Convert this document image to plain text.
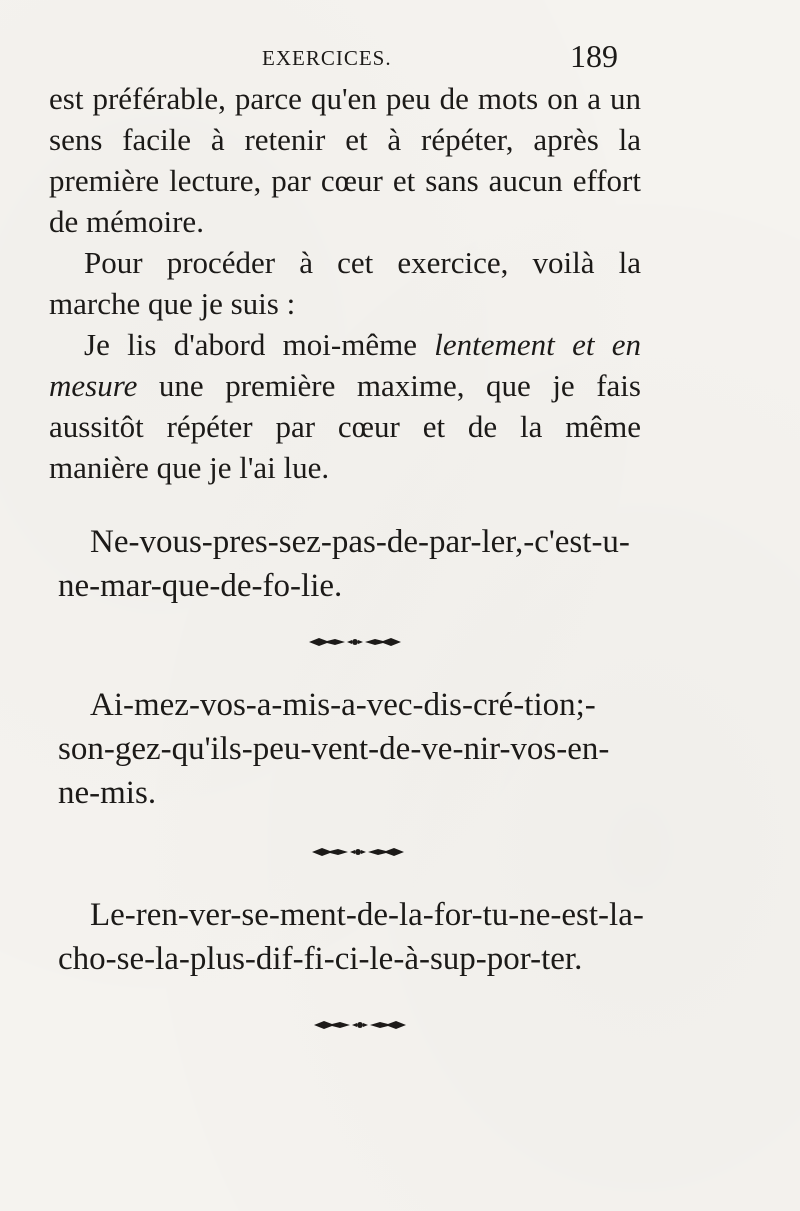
EXERCICES.	189

est préférable, parce qu'en peu de mots on a un sens facile à retenir et à répéter, après la première lecture, par cœur et sans aucun effort de mémoire.

Pour procéder à cet exercice, voilà la marche que je suis :

Je lis d'abord moi-même lentement et en mesure une première maxime, que je fais aussitôt répéter par cœur et de la même manière que je l'ai lue.

Ne-vous-pres-sez-pas-de-par-ler,-c'est-u-ne-mar-que-de-fo-lie.

Ai-mez-vos-a-mis-a-vec-dis-cré-tion;-son-gez-qu'ils-peu-vent-de-ve-nir-vos-en-ne-mis.

Le-ren-ver-se-ment-de-la-for-tu-ne-est-la-cho-se-la-plus-dif-fi-ci-le-à-sup-por-ter.
